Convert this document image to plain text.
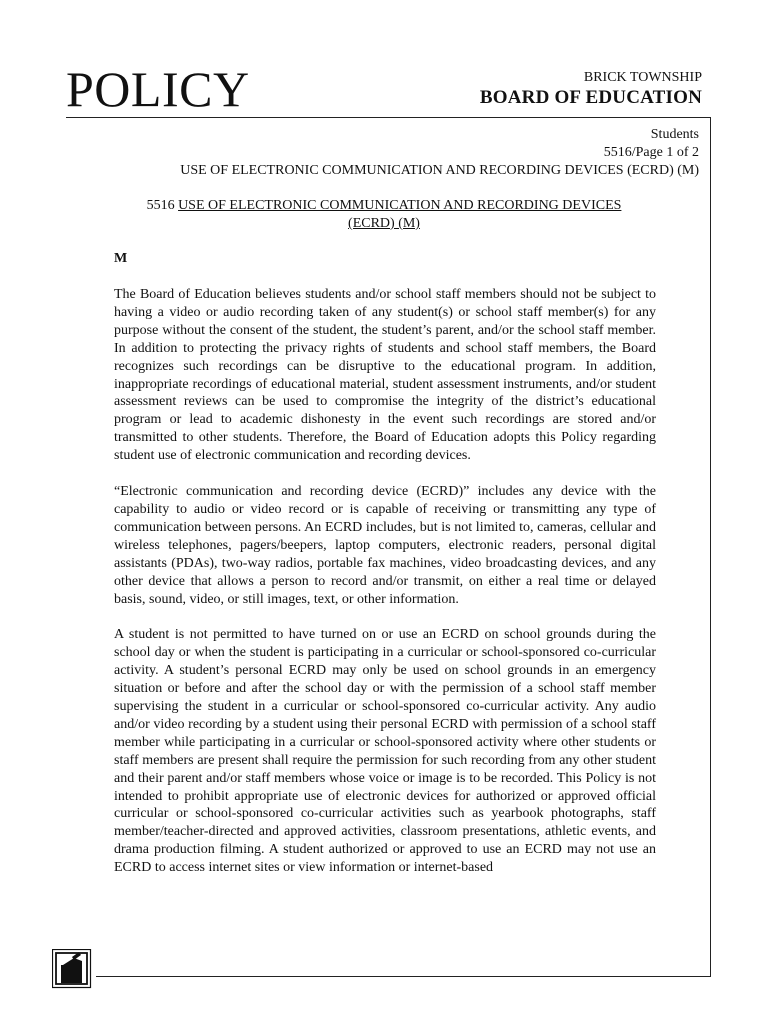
POLICY	BRICK TOWNSHIP
BOARD OF EDUCATION
Students
5516/Page 1 of 2
USE OF ELECTRONIC COMMUNICATION AND RECORDING DEVICES (ECRD) (M)
5516 USE OF ELECTRONIC COMMUNICATION AND RECORDING DEVICES
(ECRD) (M)
M

The Board of Education believes students and/or school staff members should not be subject to having a video or audio recording taken of any student(s) or school staff member(s) for any purpose without the consent of the student, the student’s parent, and/or the school staff member. In addition to protecting the privacy rights of students and school staff members, the Board recognizes such recordings can be disruptive to the educational program. In addition, inappropriate recordings of educational material, student assessment instruments, and/or student assessment reviews can be used to compromise the integrity of the district’s educational program or lead to academic dishonesty in the event such recordings are stored and/or transmitted to other students. Therefore, the Board of Education adopts this Policy regarding student use of electronic communication and recording devices.

“Electronic communication and recording device (ECRD)” includes any device with the capability to audio or video record or is capable of receiving or transmitting any type of communication between persons. An ECRD includes, but is not limited to, cameras, cellular and wireless telephones, pagers/beepers, laptop computers, electronic readers, personal digital assistants (PDAs), two-way radios, portable fax machines, video broadcasting devices, and any other device that allows a person to record and/or transmit, on either a real time or delayed basis, sound, video, or still images, text, or other information.

A student is not permitted to have turned on or use an ECRD on school grounds during the school day or when the student is participating in a curricular or school-sponsored co-curricular activity. A student’s personal ECRD may only be used on school grounds in an emergency situation or before and after the school day or with the permission of a school staff member supervising the student in a curricular or school-sponsored co-curricular activity. Any audio and/or video recording by a student using their personal ECRD with permission of a school staff member while participating in a curricular or school-sponsored activity where other students or staff members are present shall require the permission for such recording from any other student and their parent and/or staff members whose voice or image is to be recorded. This Policy is not intended to prohibit appropriate use of electronic devices for authorized or approved official curricular or school-sponsored co-curricular activities such as yearbook photographs, staff member/teacher-directed and approved activities, classroom presentations, athletic events, and drama production filming. A student authorized or approved to use an ECRD may not use an ECRD to access internet sites or view information or internet-based
